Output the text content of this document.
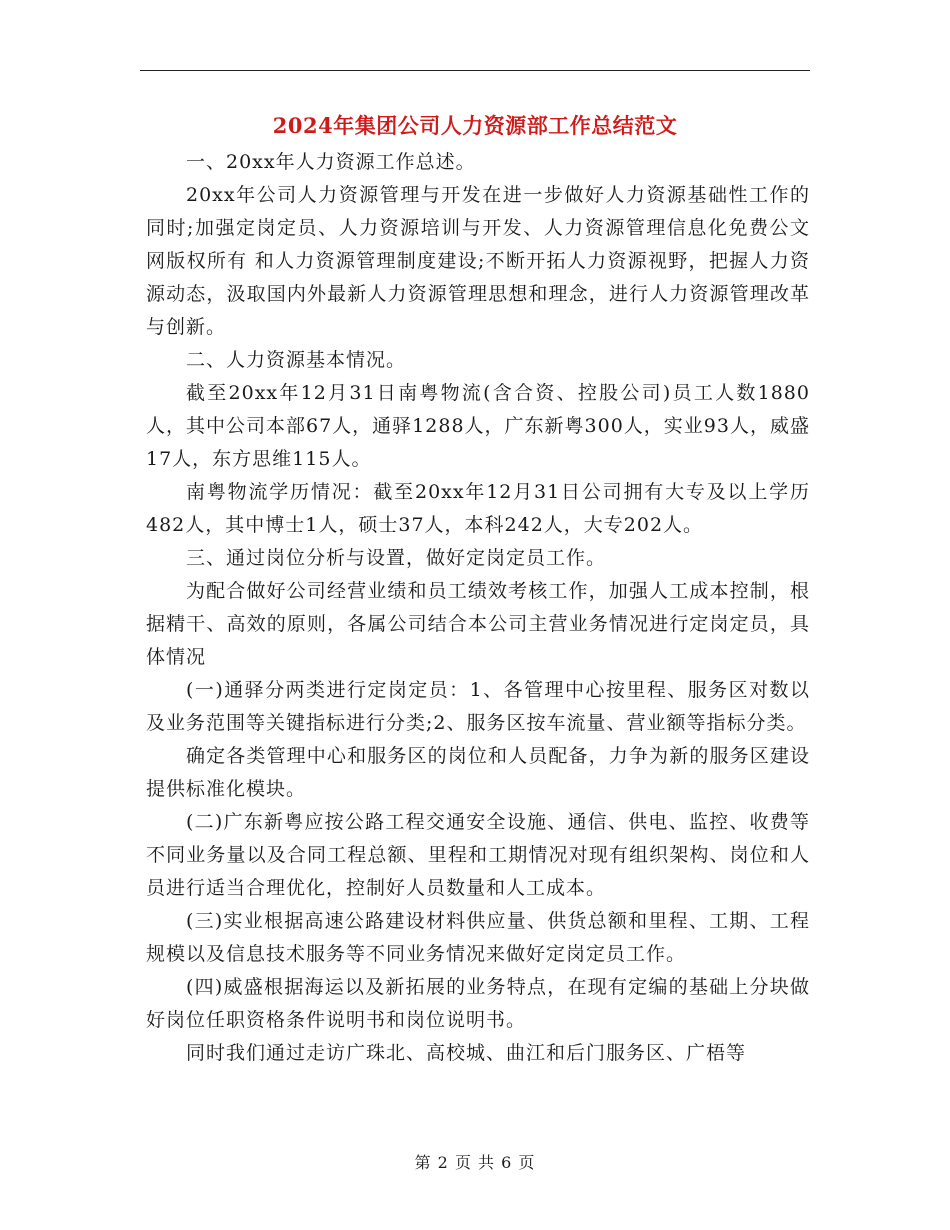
2024年集团公司人力资源部工作总结范文

一、20xx年人力资源工作总述。

20xx年公司人力资源管理与开发在进一步做好人力资源基础性工作的同时;加强定岗定员、人力资源培训与开发、人力资源管理信息化免费公文网版权所有 和人力资源管理制度建设;不断开拓人力资源视野，把握人力资源动态，汲取国内外最新人力资源管理思想和理念，进行人力资源管理改革与创新。

二、人力资源基本情况。

截至20xx年12月31日南粤物流(含合资、控股公司)员工人数1880人，其中公司本部67人，通驿1288人，广东新粤300人，实业93人，威盛17人，东方思维115人。

南粤物流学历情况：截至20xx年12月31日公司拥有大专及以上学历482人，其中博士1人，硕士37人，本科242人，大专202人。

三、通过岗位分析与设置，做好定岗定员工作。

为配合做好公司经营业绩和员工绩效考核工作，加强人工成本控制，根据精干、高效的原则，各属公司结合本公司主营业务情况进行定岗定员，具体情况

(一)通驿分两类进行定岗定员：1、各管理中心按里程、服务区对数以及业务范围等关键指标进行分类;2、服务区按车流量、营业额等指标分类。

确定各类管理中心和服务区的岗位和人员配备，力争为新的服务区建设提供标准化模块。

(二)广东新粤应按公路工程交通安全设施、通信、供电、监控、收费等不同业务量以及合同工程总额、里程和工期情况对现有组织架构、岗位和人员进行适当合理优化，控制好人员数量和人工成本。

(三)实业根据高速公路建设材料供应量、供货总额和里程、工期、工程规模以及信息技术服务等不同业务情况来做好定岗定员工作。

(四)威盛根据海运以及新拓展的业务特点，在现有定编的基础上分块做好岗位任职资格条件说明书和岗位说明书。

同时我们通过走访广珠北、高校城、曲江和后门服务区、广梧等

第 2 页 共 6 页
